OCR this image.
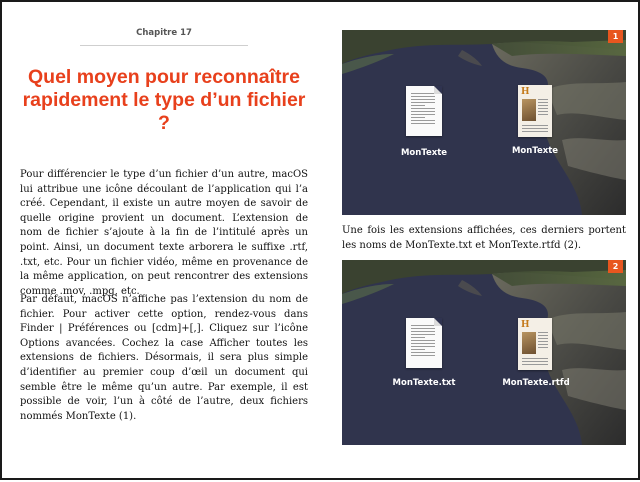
Chapitre 17
Quel moyen pour reconnaître rapidement le type d’un fichier ?

Pour différencier le type d’un fichier d’un autre, macOS lui attribue une icône découlant de l’application qui l’a créé. Cependant, il existe un autre moyen de savoir de quelle origine provient un document. L’extension de nom de fichier s’ajoute à la fin de l’intitulé après un point. Ainsi, un document texte arborera le suffixe .rtf, .txt, etc. Pour un fichier vidéo, même en provenance de la même application, on peut rencontrer des extensions comme .mov, .mpg, etc.

Par défaut, macOS n’affiche pas l’extension du nom de fichier. Pour activer cette option, rendez-vous dans Finder | Préférences ou [cdm]+[,]. Cliquez sur l’icône Options avancées. Cochez la case Afficher toutes les extensions de fichiers. Désormais, il sera plus simple d’identifier au premier coup d’œil un document qui semble être le même qu’un autre. Par exemple, il est possible de voir, l’un à côté de l’autre, deux fichiers nommés MonTexte (1).

1
MonTexte
H
MonTexte

Une fois les extensions affichées, ces derniers portent les noms de MonTexte.txt et MonTexte.rtfd (2).

2
MonTexte.txt
H
MonTexte.rtfd
